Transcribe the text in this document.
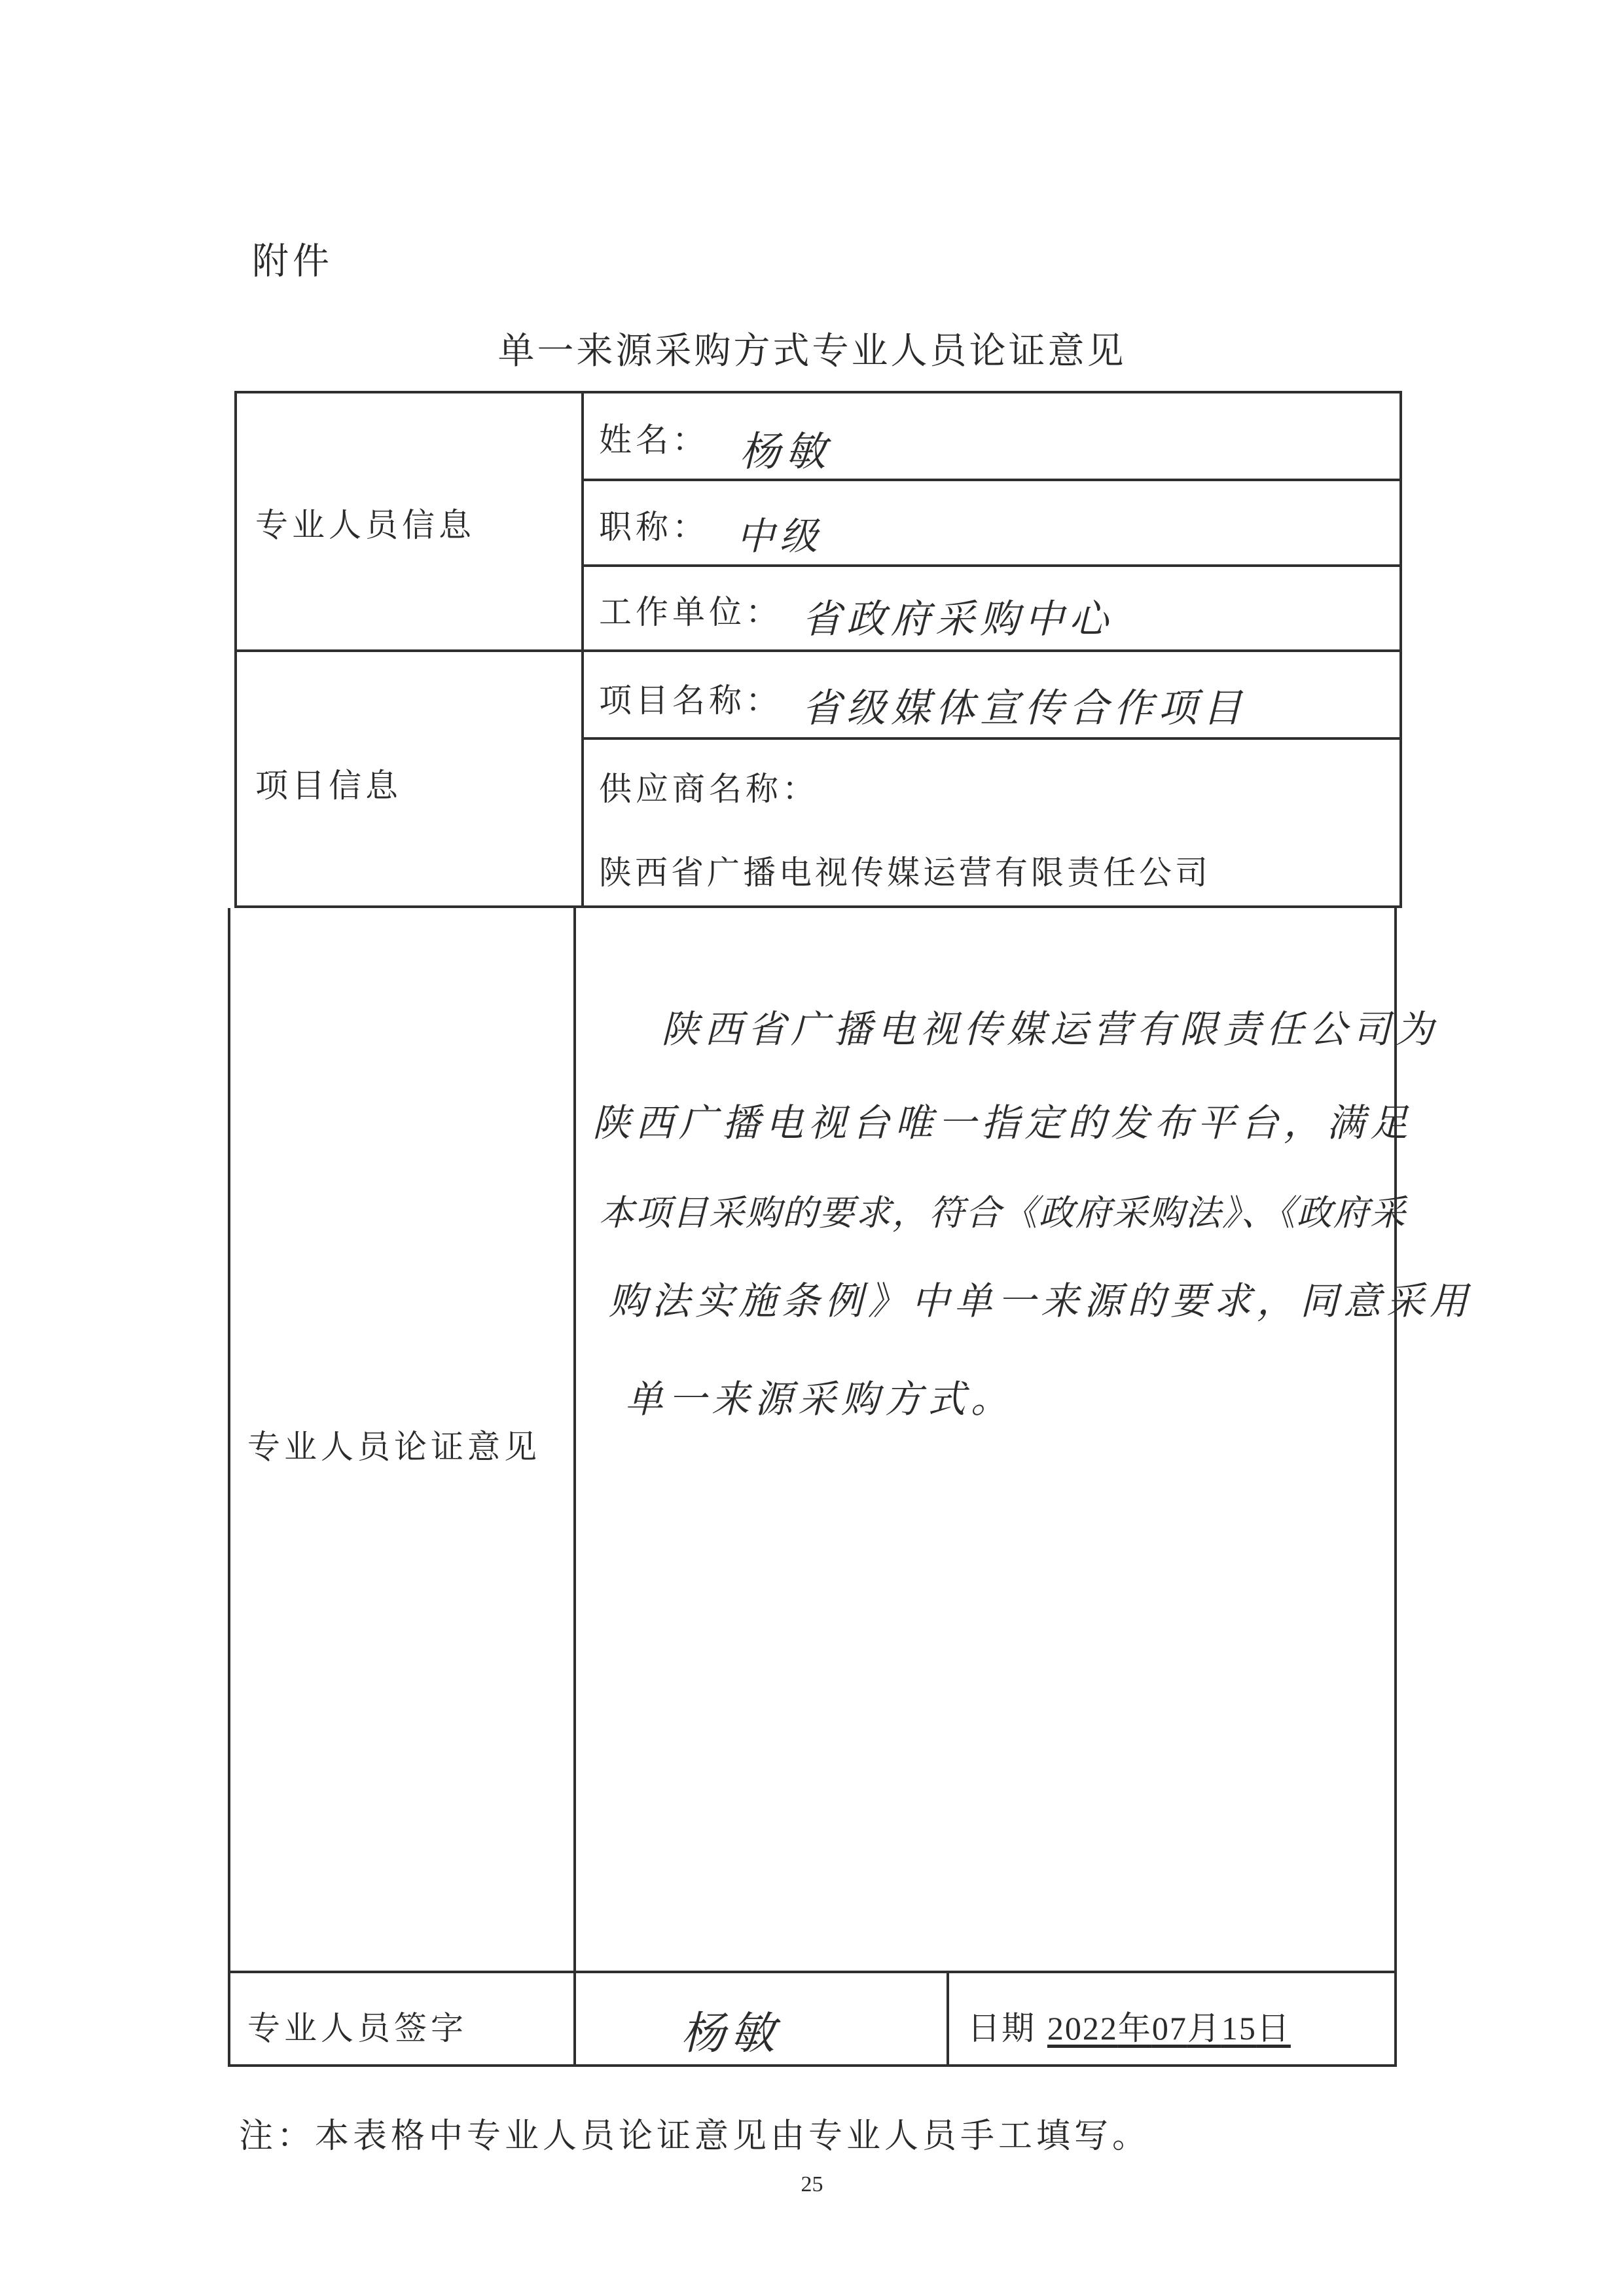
附件
单一来源采购方式专业人员论证意见
专业人员信息
姓名： 杨敏
职称： 中级
工作单位： 省政府采购中心
项目信息
项目名称： 省级媒体宣传合作项目
供应商名称：
陕西省广播电视传媒运营有限责任公司
专业人员论证意见
陕西省广播电视传媒运营有限责任公司为
陕西广播电视台唯一指定的发布平台，满足
本项目采购的要求，符合《政府采购法》、《政府采
购法实施条例》中单一来源的要求，同意采用
单一来源采购方式。
专业人员签字	杨敏	日期 2022年07月15日
注：本表格中专业人员论证意见由专业人员手工填写。
25
